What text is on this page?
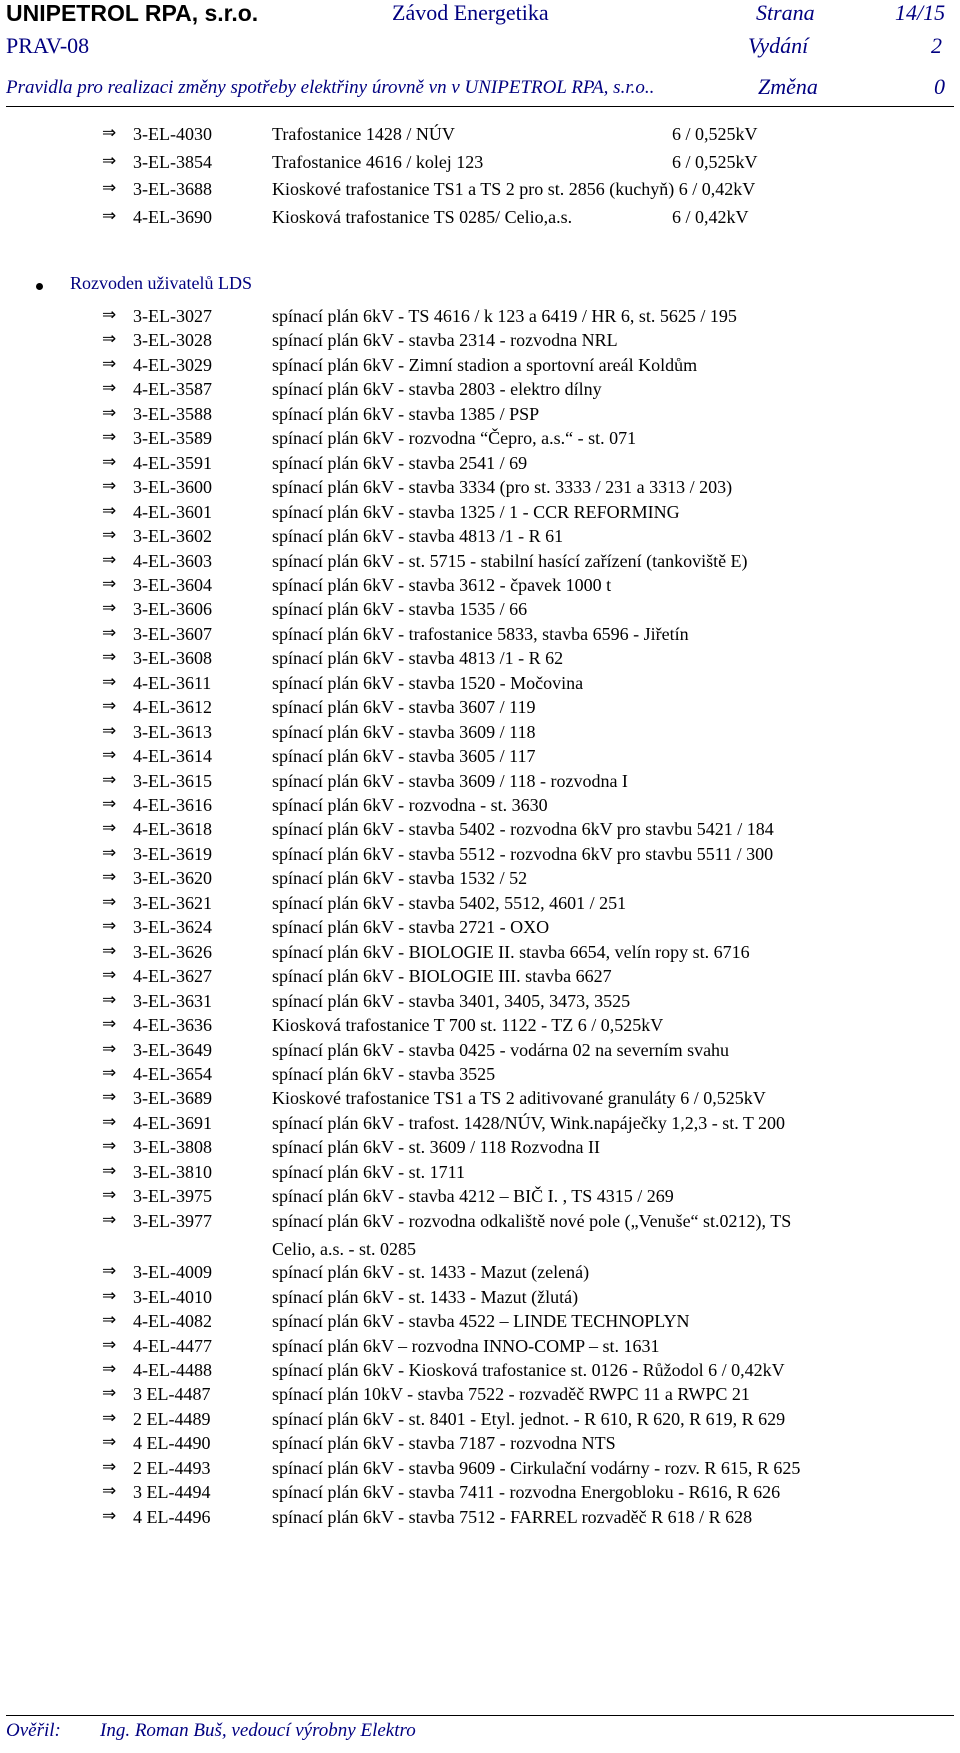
UNIPETROL RPA, s.r.o.	Závod Energetika	Strana	14/15
PRAV-08	Vydání	2
Pravidla pro realizaci změny spotřeby elektřiny úrovně vn v UNIPETROL RPA, s.r.o..	Změna	0
Rozvoden uživatelů LDS
⇒ 3-EL-4030	Trafostanice 1428 / NÚV	6 / 0,525kV
⇒ 3-EL-3854	Trafostanice 4616 / kolej 123	6 / 0,525kV
⇒ 3-EL-3688	Kioskové trafostanice TS1 a TS 2 pro st. 2856 (kuchyň) 6 / 0,42kV
⇒ 4-EL-3690	Kiosková trafostanice TS 0285/ Celio,a.s.	6 / 0,42kV
⇒ 3-EL-3027	spínací plán 6kV - TS 4616 / k 123 a 6419 / HR 6, st. 5625 / 195
⇒ 3-EL-3028	spínací plán 6kV - stavba 2314 - rozvodna NRL
⇒ 4-EL-3029	spínací plán 6kV - Zimní stadion a sportovní areál Koldům
⇒ 4-EL-3587	spínací plán 6kV - stavba 2803 - elektro dílny
⇒ 3-EL-3588	spínací plán 6kV - stavba 1385 / PSP
⇒ 3-EL-3589	spínací plán 6kV - rozvodna “Čepro, a.s.“ - st. 071
⇒ 4-EL-3591	spínací plán 6kV - stavba 2541 / 69
⇒ 3-EL-3600	spínací plán 6kV - stavba 3334 (pro st. 3333 / 231 a 3313 / 203)
⇒ 4-EL-3601	spínací plán 6kV - stavba 1325 / 1 - CCR REFORMING
⇒ 3-EL-3602	spínací plán 6kV - stavba 4813 /1 - R 61
⇒ 4-EL-3603	spínací plán 6kV - st. 5715 - stabilní hasící zařízení (tankoviště E)
⇒ 3-EL-3604	spínací plán 6kV - stavba 3612 - čpavek 1000 t
⇒ 3-EL-3606	spínací plán 6kV - stavba 1535 / 66
⇒ 3-EL-3607	spínací plán 6kV - trafostanice 5833, stavba 6596 - Jiřetín
⇒ 3-EL-3608	spínací plán 6kV - stavba 4813 /1 - R 62
⇒ 4-EL-3611	spínací plán 6kV - stavba 1520 - Močovina
⇒ 4-EL-3612	spínací plán 6kV - stavba 3607 / 119
⇒ 3-EL-3613	spínací plán 6kV - stavba 3609 / 118
⇒ 4-EL-3614	spínací plán 6kV - stavba 3605 / 117
⇒ 3-EL-3615	spínací plán 6kV - stavba 3609 / 118 - rozvodna I
⇒ 4-EL-3616	spínací plán 6kV - rozvodna - st. 3630
⇒ 4-EL-3618	spínací plán 6kV - stavba 5402 - rozvodna 6kV pro stavbu 5421 / 184
⇒ 3-EL-3619	spínací plán 6kV - stavba 5512 - rozvodna 6kV pro stavbu 5511 / 300
⇒ 3-EL-3620	spínací plán 6kV - stavba 1532 / 52
⇒ 3-EL-3621	spínací plán 6kV - stavba 5402, 5512, 4601 / 251
⇒ 3-EL-3624	spínací plán 6kV - stavba 2721 - OXO
⇒ 3-EL-3626	spínací plán 6kV - BIOLOGIE II. stavba 6654, velín ropy st. 6716
⇒ 4-EL-3627	spínací plán 6kV - BIOLOGIE III. stavba 6627
⇒ 3-EL-3631	spínací plán 6kV - stavba 3401, 3405, 3473, 3525
⇒ 4-EL-3636	Kiosková trafostanice T 700 st. 1122 - TZ 6 / 0,525kV
⇒ 3-EL-3649	spínací plán 6kV - stavba 0425 - vodárna 02 na severním svahu
⇒ 4-EL-3654	spínací plán 6kV - stavba 3525
⇒ 3-EL-3689	Kioskové trafostanice TS1 a TS 2 aditivované granuláty 6 / 0,525kV
⇒ 4-EL-3691	spínací plán 6kV - trafost. 1428/NÚV, Wink.napáječky 1,2,3 - st. T 200
⇒ 3-EL-3808	spínací plán 6kV - st. 3609 / 118 Rozvodna II
⇒ 3-EL-3810	spínací plán 6kV - st. 1711
⇒ 3-EL-3975	spínací plán 6kV - stavba 4212 – BIČ I. , TS 4315 / 269
⇒ 3-EL-3977	spínací plán 6kV - rozvodna odkaliště nové pole („Venuše“ st.0212), TS
Celio, a.s. - st. 0285
⇒ 3-EL-4009	spínací plán 6kV - st. 1433 - Mazut (zelená)
⇒ 3-EL-4010	spínací plán 6kV - st. 1433 - Mazut (žlutá)
⇒ 4-EL-4082	spínací plán 6kV - stavba 4522 – LINDE TECHNOPLYN
⇒ 4-EL-4477	spínací plán 6kV – rozvodna INNO-COMP – st. 1631
⇒ 4-EL-4488	spínací plán 6kV - Kiosková trafostanice st. 0126 - Růžodol 6 / 0,42kV
⇒ 3 EL-4487	spínací plán 10kV - stavba 7522 - rozvaděč RWPC 11 a RWPC 21
⇒ 2 EL-4489	spínací plán 6kV - st. 8401 - Etyl. jednot. - R 610, R 620, R 619, R 629
⇒ 4 EL-4490	spínací plán 6kV - stavba 7187 - rozvodna NTS
⇒ 2 EL-4493	spínací plán 6kV - stavba 9609 - Cirkulační vodárny - rozv. R 615, R 625
⇒ 3 EL-4494	spínací plán 6kV - stavba 7411 - rozvodna Energobloku - R616, R 626
⇒ 4 EL-4496	spínací plán 6kV - stavba 7512 - FARREL rozvaděč R 618 / R 628
Ověřil: Ing. Roman Buš, vedoucí výrobny Elektro
